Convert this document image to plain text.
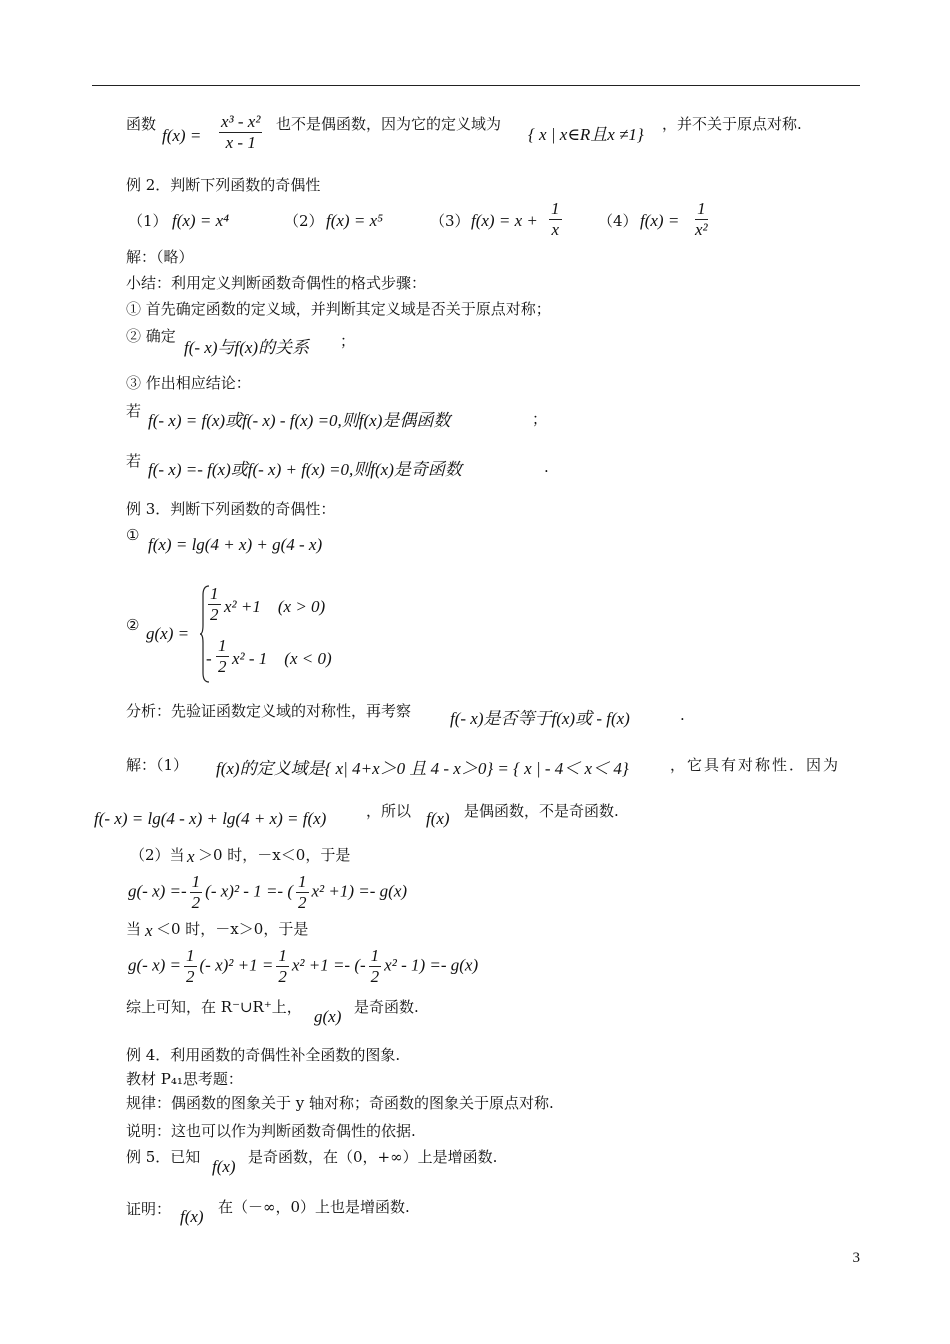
函数
$f(x) = \frac{\text{x³ - x²}}{x - 1}$ 也不是偶函数，因为它的定义域为
{ x | x∈R且x ≠1}
，并不关于原点对称.
例 2．判断下列函数的奇偶性
（1） f(x) = x⁴	（2） f(x) = x⁵	（3） $f(x) = x + \frac{1}{x} (4) f(x) = \frac{1}{\text{x²}}$
解：（略）
小结：利用定义判断函数奇偶性的格式步骤：
① 首先确定函数的定义域，并判断其定义域是否关于原点对称；
② 确定
f(- x)与f(x)的关系 ；
③ 作出相应结论：
若 f(- x) = f(x)或f(- x) - f(x) =0,则f(x)是偶函数	；
若 f(- x) =- f(x)或f(- x) + f(x) =0,则f(x)是奇函数	.
例 3．判断下列函数的奇偶性：
① f(x) = lg(4 + x) + g(4 - x)
② g(x) =
$\frac{1}{2} x^2 +1$　(x > 0)
- $\frac{1}{2} x^2 - 1$　(x < 0)
分析：先验证函数定义域的对称性，再考察 f(- x)是否等于f(x)或 - f(x)	.
解：（1） f(x)的定义域是{ x| 4+x＞0 且 4 - x＞0} = { x | - 4＜ x＜ 4}	，它具有对称性．因为
f(- x) = lg(4 - x) + lg(4 + x) = f(x)	，所以 f(x) 是偶函数，不是奇函数.
（2）当 x ＞0 时，－x＜0，于是
g(- $x) =- \frac{1}{2}$ (- x)² - 1 =- ( $\frac{1}{2} x^2 +1) =- g(x)$
当 x ＜0 时，－x＞0，于是
g(- $x) = \frac{1}{2}$ (- $x)^2 +1 = \frac{1}{2} x^2 +1$ =- (- $\frac{1}{2} x^2 - 1) =- g(x)$
综上可知，在 R⁻∪R⁺上， g(x) 是奇函数.
例 4．利用函数的奇偶性补全函数的图象.
教材 P₄₁思考题：
规律：偶函数的图象关于 y 轴对称；奇函数的图象关于原点对称.
说明：这也可以作为判断函数奇偶性的依据.
例 5．已知 f(x) 是奇函数，在（0，+∞）上是增函数.
证明： f(x) 在（－∞，0）上也是增函数.
3
